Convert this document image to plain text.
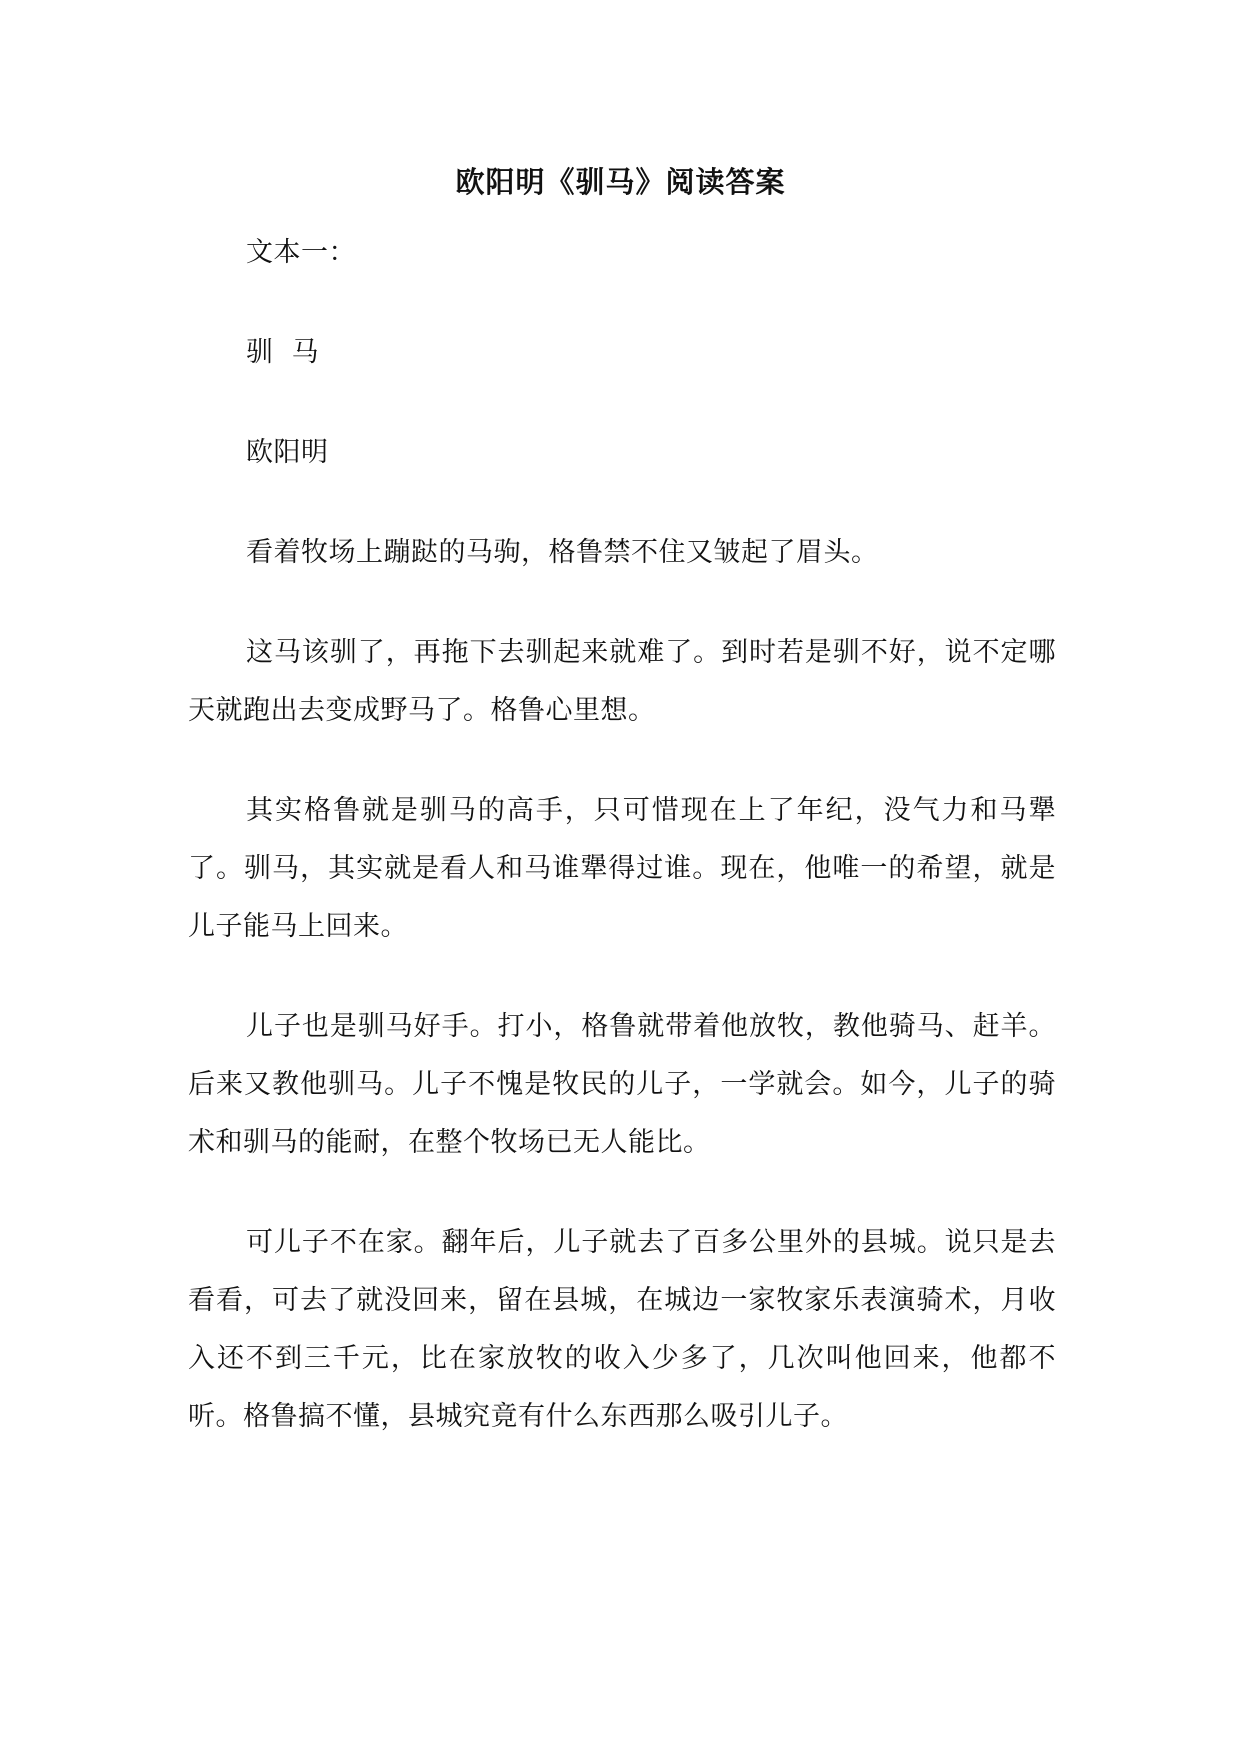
欧阳明《驯马》阅读答案

文本一：

驯  马

欧阳明

看着牧场上蹦跶的马驹，格鲁禁不住又皱起了眉头。

这马该驯了，再拖下去驯起来就难了。到时若是驯不好，说不定哪天就跑出去变成野马了。格鲁心里想。

其实格鲁就是驯马的高手，只可惜现在上了年纪，没气力和马犟了。驯马，其实就是看人和马谁犟得过谁。现在，他唯一的希望，就是儿子能马上回来。

儿子也是驯马好手。打小，格鲁就带着他放牧，教他骑马、赶羊。后来又教他驯马。儿子不愧是牧民的儿子，一学就会。如今，儿子的骑术和驯马的能耐，在整个牧场已无人能比。

可儿子不在家。翻年后，儿子就去了百多公里外的县城。说只是去看看，可去了就没回来，留在县城，在城边一家牧家乐表演骑术，月收入还不到三千元，比在家放牧的收入少多了，几次叫他回来，他都不听。格鲁搞不懂，县城究竟有什么东西那么吸引儿子。
